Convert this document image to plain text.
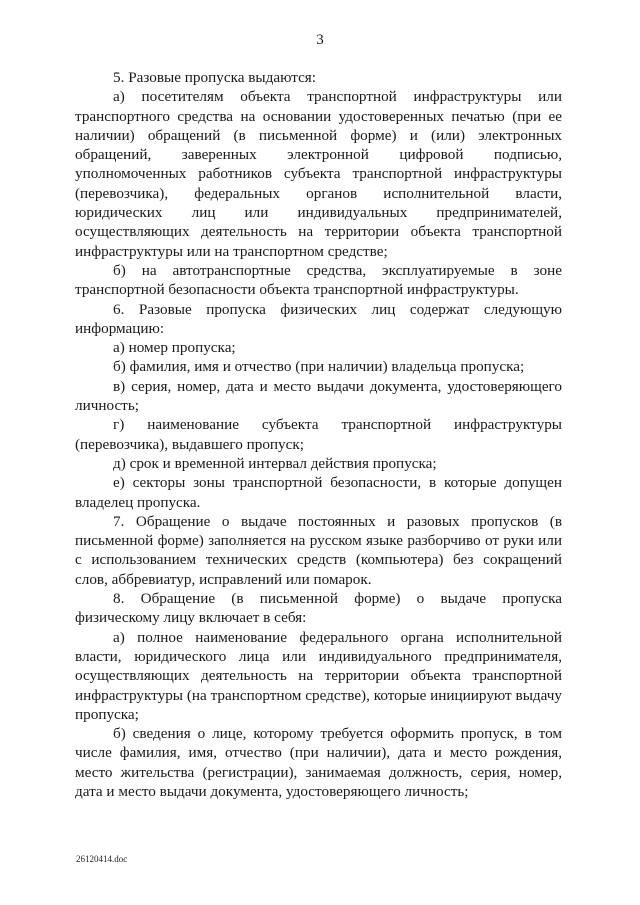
3

5. Разовые пропуска выдаются:

а) посетителям объекта транспортной инфраструктуры или транспортного средства на основании удостоверенных печатью (при ее наличии) обращений (в письменной форме) и (или) электронных обращений, заверенных электронной цифровой подписью, уполномоченных работников субъекта транспортной инфраструктуры (перевозчика), федеральных органов исполнительной власти, юридических лиц или индивидуальных предпринимателей, осуществляющих деятельность на территории объекта транспортной инфраструктуры или на транспортном средстве;

б) на автотранспортные средства, эксплуатируемые в зоне транспортной безопасности объекта транспортной инфраструктуры.

6. Разовые пропуска физических лиц содержат следующую информацию:

а) номер пропуска;

б) фамилия, имя и отчество (при наличии) владельца пропуска;

в) серия, номер, дата и место выдачи документа, удостоверяющего личность;

г) наименование субъекта транспортной инфраструктуры (перевозчика), выдавшего пропуск;

д) срок и временной интервал действия пропуска;

е) секторы зоны транспортной безопасности, в которые допущен владелец пропуска.

7. Обращение о выдаче постоянных и разовых пропусков (в письменной форме) заполняется на русском языке разборчиво от руки или с использованием технических средств (компьютера) без сокращений слов, аббревиатур, исправлений или помарок.

8. Обращение (в письменной форме) о выдаче пропуска физическому лицу включает в себя:

а) полное наименование федерального органа исполнительной власти, юридического лица или индивидуального предпринимателя, осуществляющих деятельность на территории объекта транспортной инфраструктуры (на транспортном средстве), которые инициируют выдачу пропуска;

б) сведения о лице, которому требуется оформить пропуск, в том числе фамилия, имя, отчество (при наличии), дата и место рождения, место жительства (регистрации), занимаемая должность, серия, номер, дата и место выдачи документа, удостоверяющего личность;

26120414.doc
